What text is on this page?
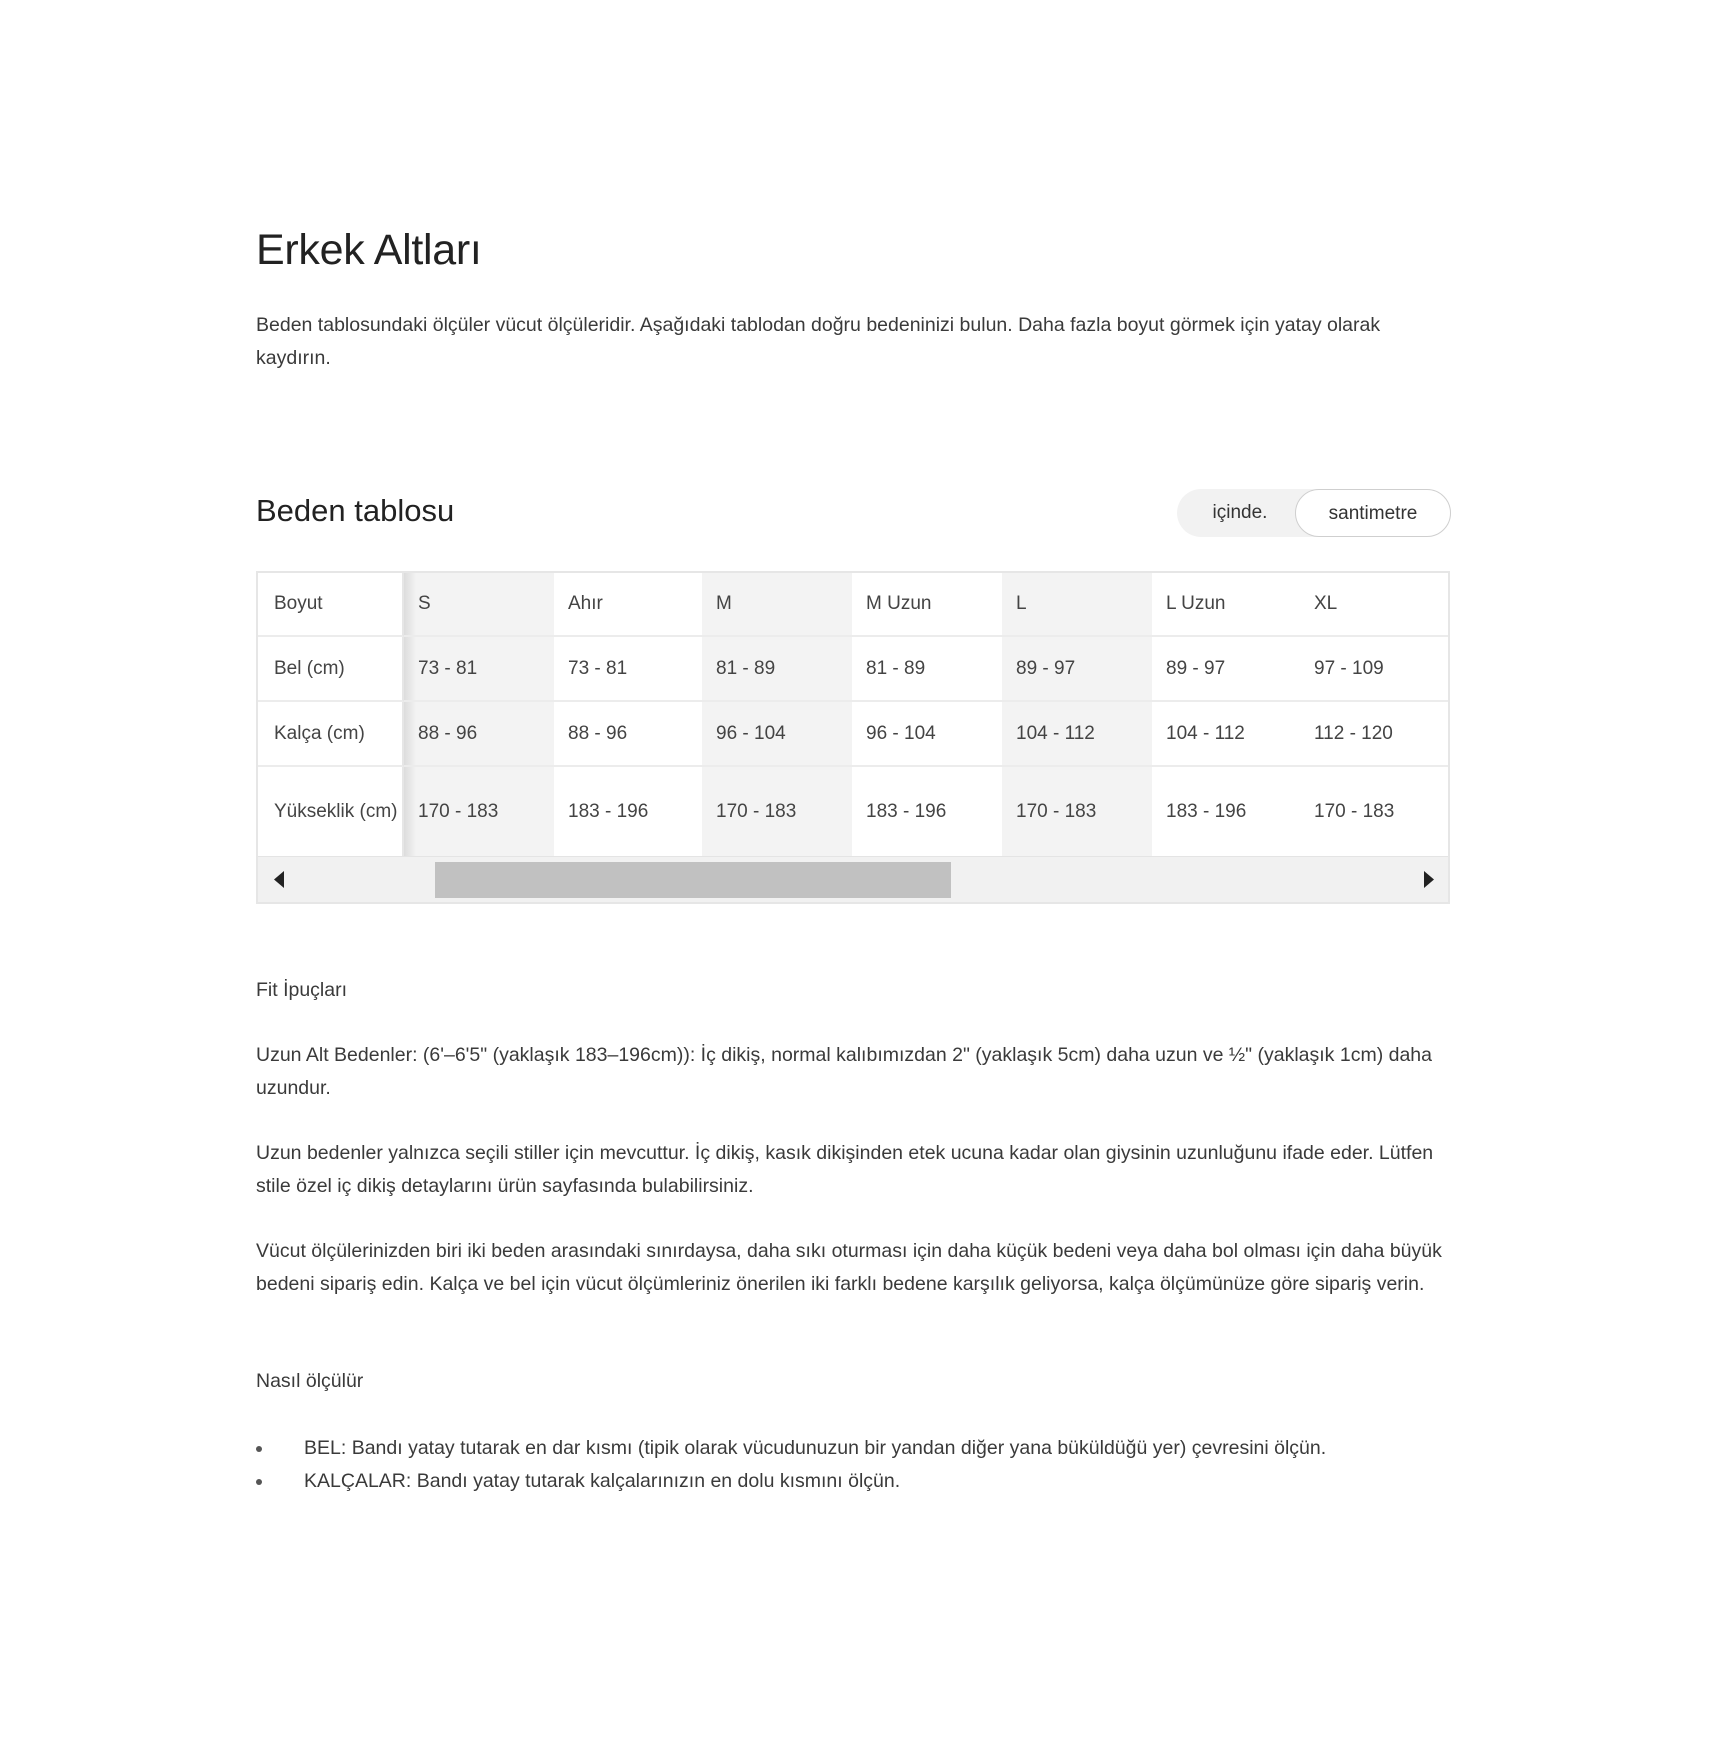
Erkek Altları
Beden tablosundaki ölçüler vücut ölçüleridir. Aşağıdaki tablodan doğru bedeninizi bulun. Daha fazla boyut görmek için yatay olarak kaydırın.
Beden tablosu	içinde.	santimetre
Boyut	S	Ahır	M	M Uzun	L	L Uzun	XL
Bel (cm)	73 - 81	73 - 81	81 - 89	81 - 89	89 - 97	89 - 97	97 - 109
Kalça (cm)	88 - 96	88 - 96	96 - 104	96 - 104	104 - 112	104 - 112	112 - 120
Yükseklik (cm)	170 - 183	183 - 196	170 - 183	183 - 196	170 - 183	183 - 196	170 - 183
Fit İpuçları
Uzun Alt Bedenler: (6'–6'5" (yaklaşık 183–196cm)): İç dikiş, normal kalıbımızdan 2" (yaklaşık 5cm) daha uzun ve ½" (yaklaşık 1cm) daha uzundur.
Uzun bedenler yalnızca seçili stiller için mevcuttur. İç dikiş, kasık dikişinden etek ucuna kadar olan giysinin uzunluğunu ifade eder. Lütfen stile özel iç dikiş detaylarını ürün sayfasında bulabilirsiniz.
Vücut ölçülerinizden biri iki beden arasındaki sınırdaysa, daha sıkı oturması için daha küçük bedeni veya daha bol olması için daha büyük bedeni sipariş edin. Kalça ve bel için vücut ölçümleriniz önerilen iki farklı bedene karşılık geliyorsa, kalça ölçümünüze göre sipariş verin.
Nasıl ölçülür
BEL: Bandı yatay tutarak en dar kısmı (tipik olarak vücudunuzun bir yandan diğer yana büküldüğü yer) çevresini ölçün.
KALÇALAR: Bandı yatay tutarak kalçalarınızın en dolu kısmını ölçün.
